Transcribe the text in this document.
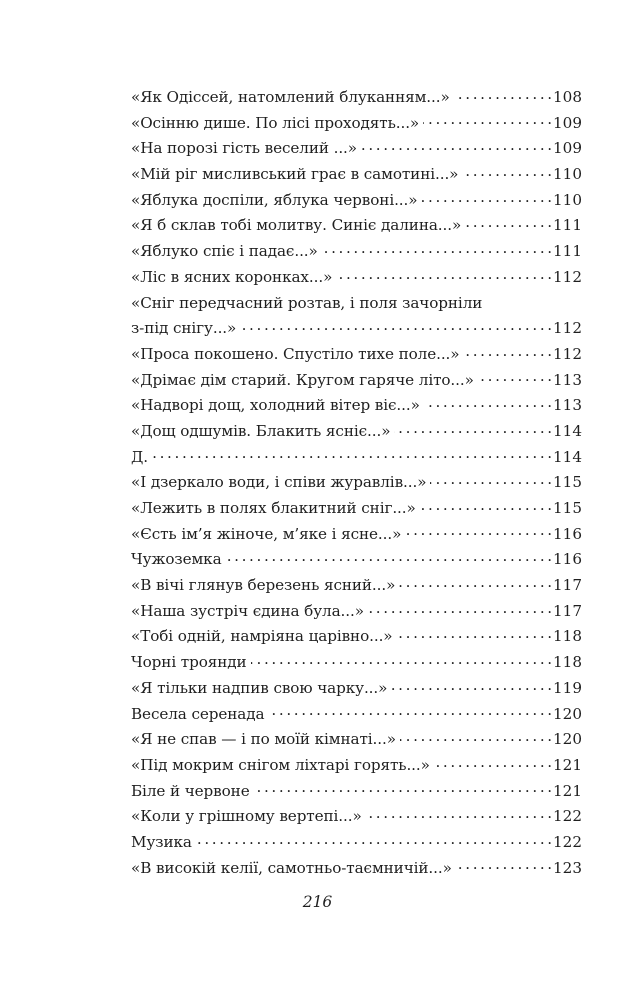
«Як Одіссей, натомлений блуканням...» . . .	108
«Осінню дише. По лісі проходять...» . . .	109
«На порозі гість веселий ...» . . .	109
«Мій ріг мисливський грає в самотині...» . . .	110
«Яблука доспіли, яблука червоні...» . . .	110
«Я б склав тобі молитву. Синіє далина...» . . .	111
«Яблуко спіє і падає...» . . .	111
«Ліс в ясних коронках...» . . .	112
«Сніг передчасний розтав, і поля зачорніли
з-під снігу...» . . .	112
«Проса покошено. Спустіло тихе поле...» . . .	112
«Дрімає дім старий. Кругом гаряче літо...» . . .	113
«Надворі дощ, холодний вітер віє...» . . .	113
«Дощ одшумів. Блакить ясніє...» . . .	114
Д. . . .	114
«І дзеркало води, і співи журавлів...» . . .	115
«Лежить в полях блакитний сніг...» . . .	115
«Єсть ім’я жіноче, м’яке і ясне...» . . .	116
Чужоземка . . .	116
«В вічі глянув березень ясний...» . . .	117
«Наша зустріч єдина була...» . . .	117
«Тобі одній, намріяна царівно...» . . .	118
Чорні троянди . . .	118
«Я тільки надпив свою чарку...» . . .	119
Весела серенада . . .	120
«Я не спав — і по моїй кімнаті...» . . .	120
«Під мокрим снігом ліхтарі горять...» . . .	121
Біле й червоне . . .	121
«Коли у грішному вертепі...» . . .	122
Музика . . .	122
«В високій келії, самотньо-таємничій...» . . .	123
216
